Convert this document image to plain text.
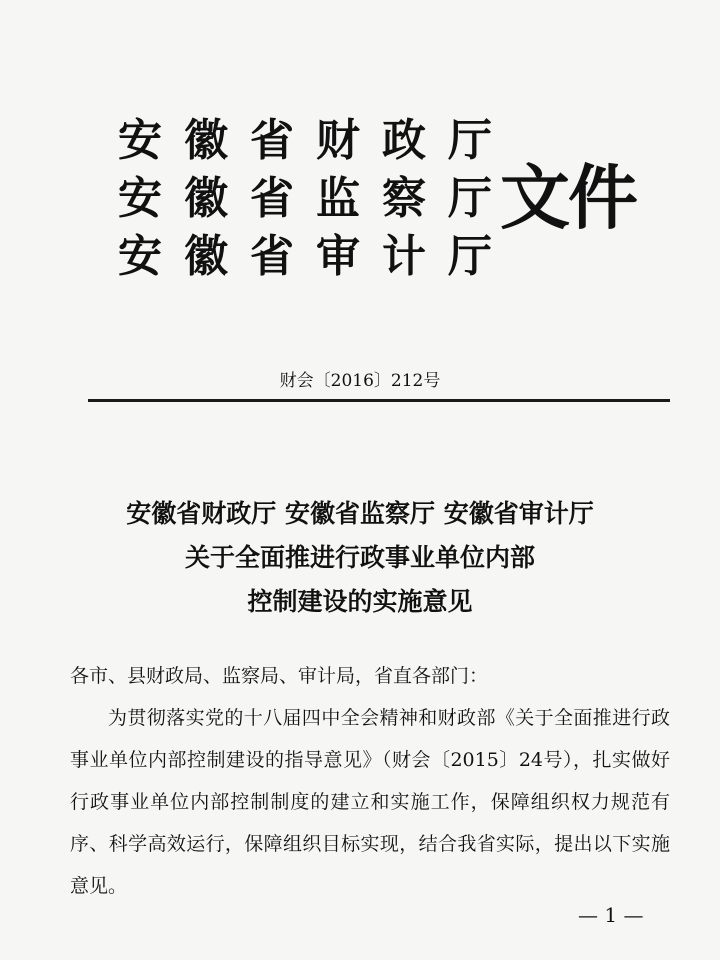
安徽省财政厅
安徽省监察厅
安徽省审计厅
文件
财会〔2016〕212号
安徽省财政厅 安徽省监察厅 安徽省审计厅
关于全面推进行政事业单位内部
控制建设的实施意见
各市、县财政局、监察局、审计局，省直各部门：

为贯彻落实党的十八届四中全会精神和财政部《关于全面推进行政事业单位内部控制建设的指导意见》（财会〔2015〕24号），扎实做好行政事业单位内部控制制度的建立和实施工作，保障组织权力规范有序、科学高效运行，保障组织目标实现，结合我省实际，提出以下实施意见。

— 1 —
